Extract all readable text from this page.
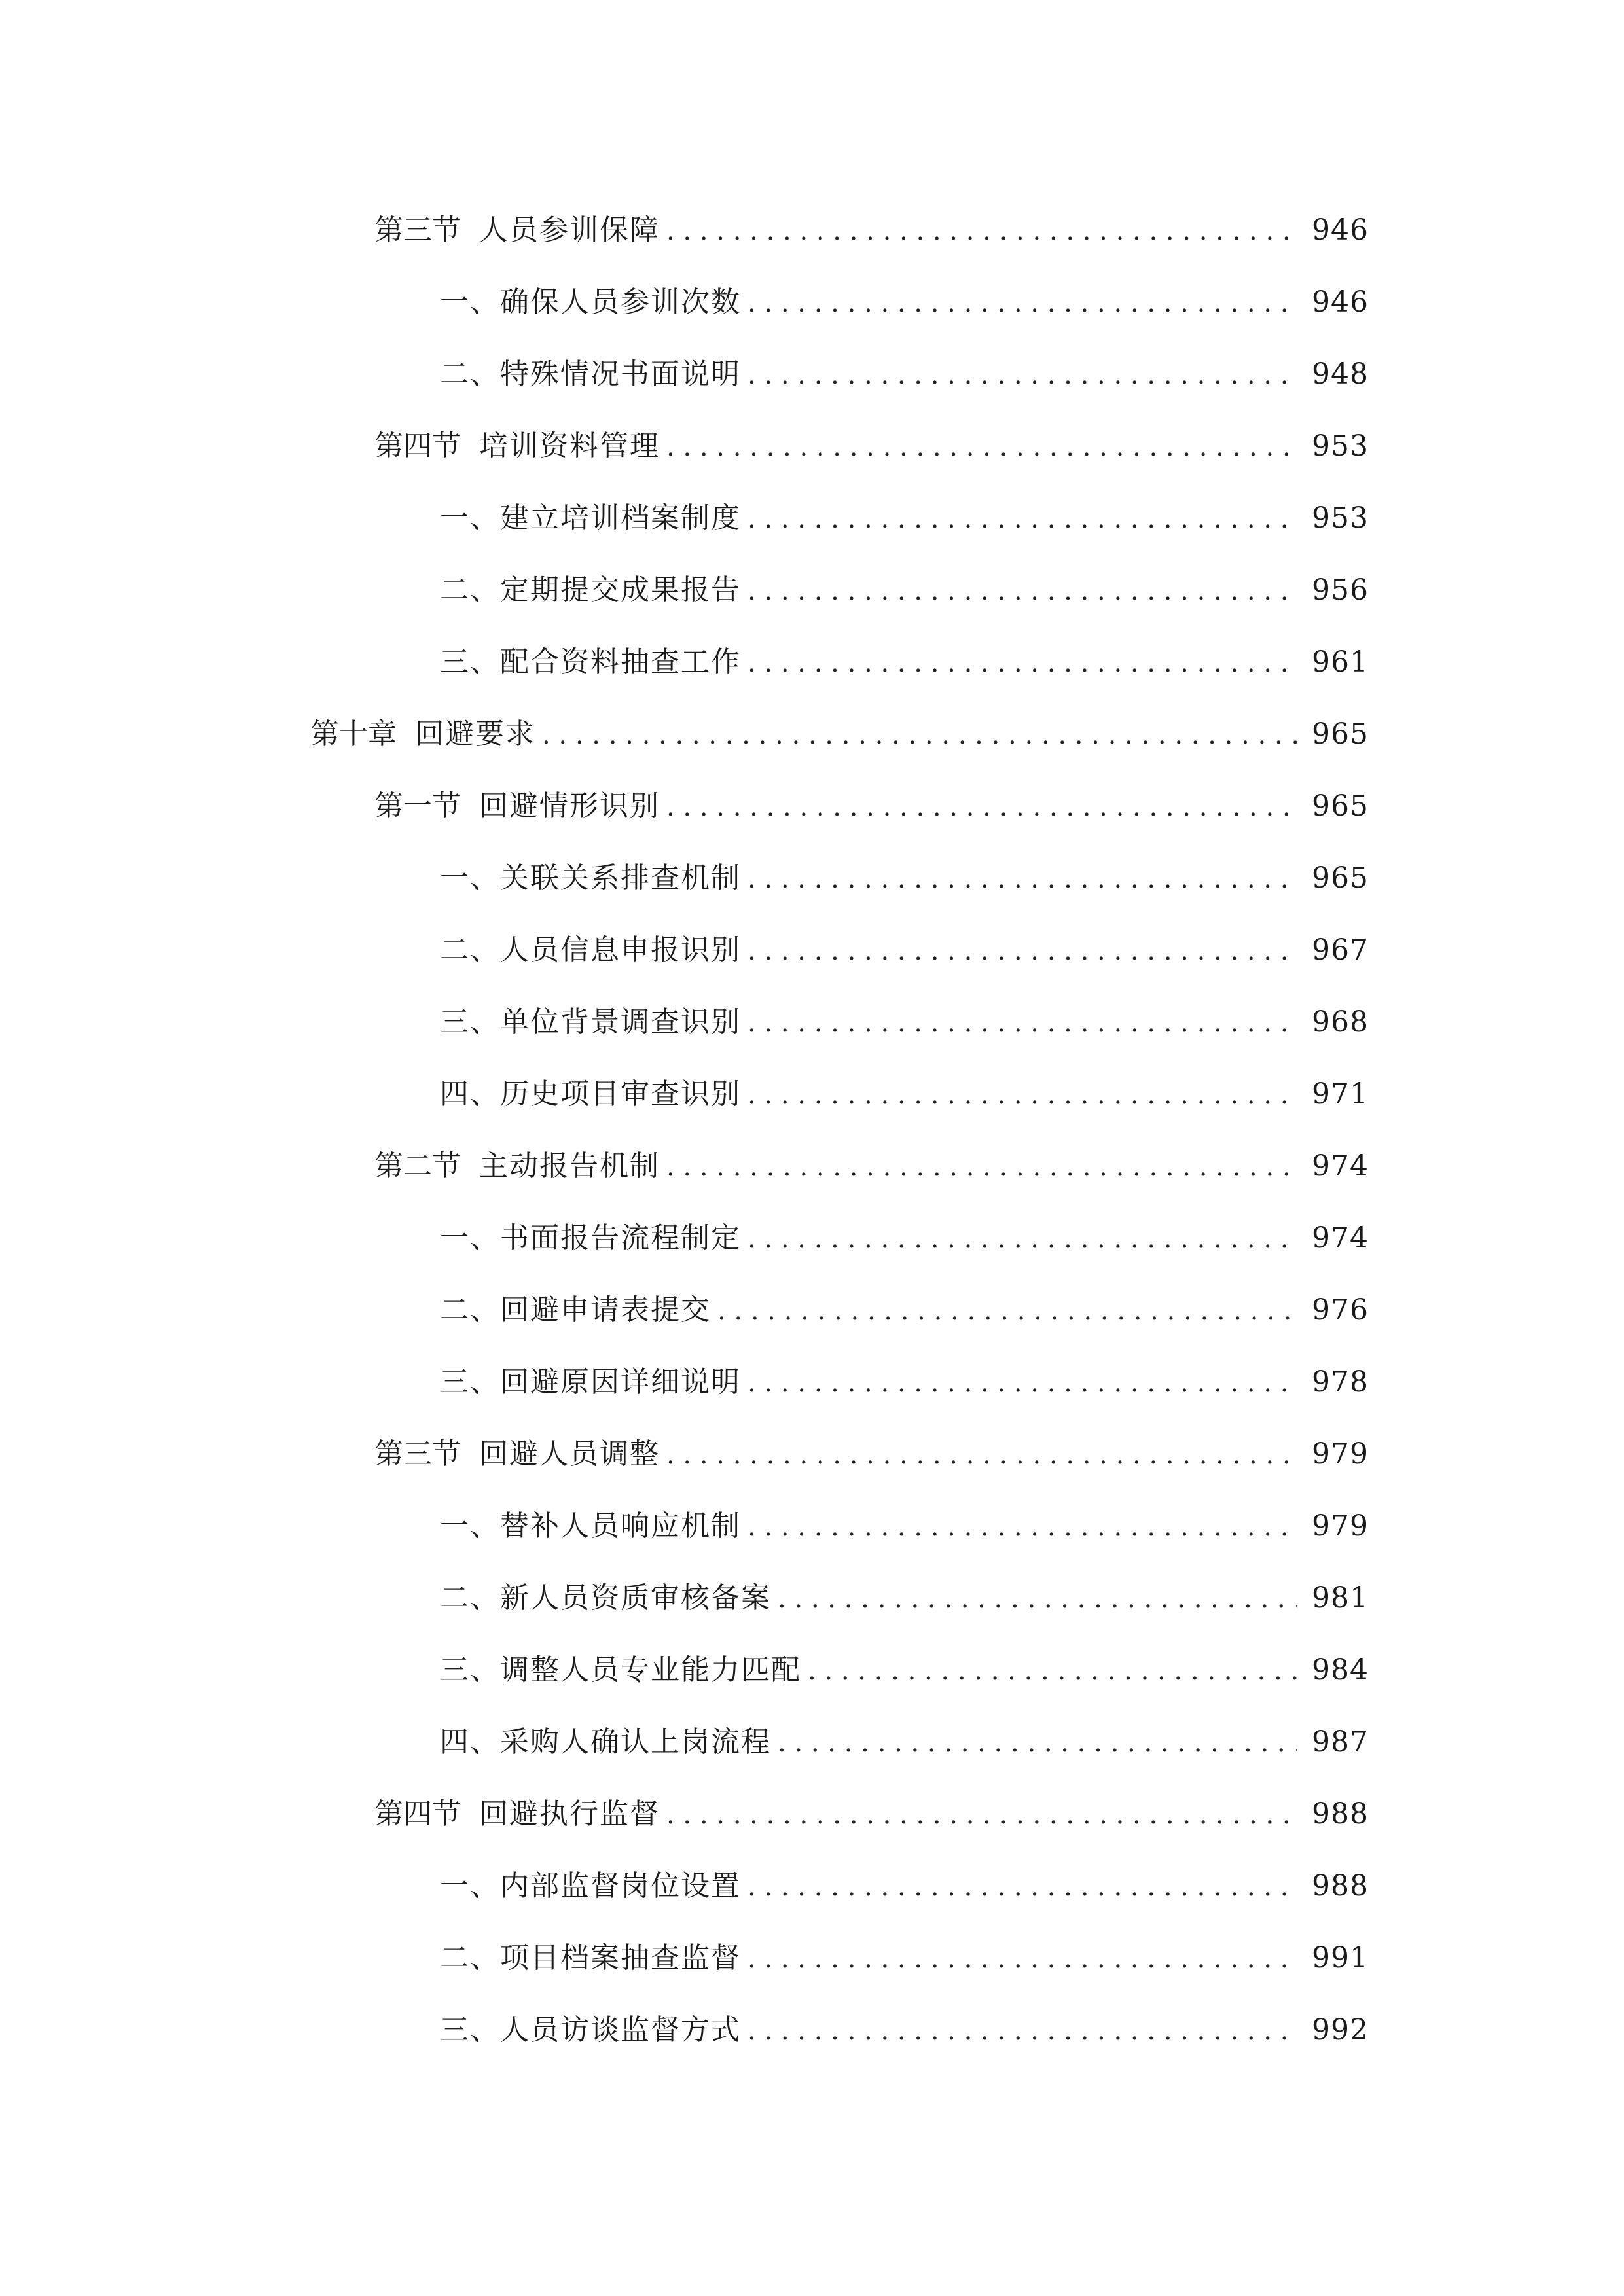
第三节 人员参训保障 . . .	946
一、 确保人员参训次数 . . .	946
二、 特殊情况书面说明 . . .	948
第四节 培训资料管理 . . .	953
一、 建立培训档案制度 . . .	953
二、 定期提交成果报告 . . .	956
三、 配合资料抽查工作 . . .	961
第十章 回避要求 . . .	965
第一节 回避情形识别 . . .	965
一、 关联关系排查机制 . . .	965
二、 人员信息申报识别 . . .	967
三、 单位背景调查识别 . . .	968
四、 历史项目审查识别 . . .	971
第二节 主动报告机制 . . .	974
一、 书面报告流程制定 . . .	974
二、 回避申请表提交 . . .	976
三、 回避原因详细说明 . . .	978
第三节 回避人员调整 . . .	979
一、 替补人员响应机制 . . .	979
二、 新人员资质审核备案 . . .	981
三、 调整人员专业能力匹配 . . .	984
四、 采购人确认上岗流程 . . .	987
第四节 回避执行监督 . . .	988
一、 内部监督岗位设置 . . .	988
二、 项目档案抽查监督 . . .	991
三、 人员访谈监督方式 . . .	992
